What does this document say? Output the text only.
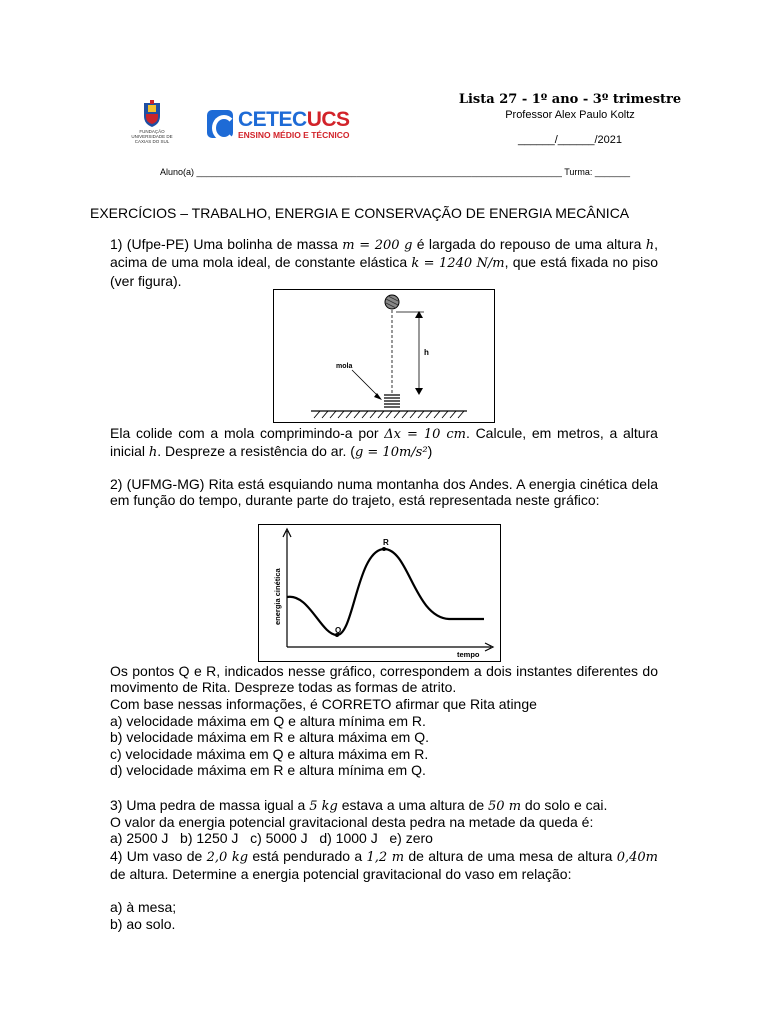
FUNDAÇÃO UNIVERSIDADE DE CAXIAS DO SUL
CETECUCS
ENSINO MÉDIO E TÉCNICO
Lista 27 - 1º ano - 3º trimestre
Professor Alex Paulo Koltz
______/______/2021
Aluno(a) _________________________________________________________________________ Turma: _______
EXERCÍCIOS – TRABALHO, ENERGIA E CONSERVAÇÃO DE ENERGIA MECÂNICA
1) (Ufpe-PE) Uma bolinha de massa m = 200 g é largada do repouso de uma altura h, acima de uma mola ideal, de constante elástica k = 1240 N/m, que está fixada no piso (ver figura).
h
mola
Ela colide com a mola comprimindo-a por Δx = 10 cm. Calcule, em metros, a altura inicial h. Despreze a resistência do ar. (g = 10m/s²)
2) (UFMG-MG) Rita está esquiando numa montanha dos Andes. A energia cinética dela em função do tempo, durante parte do trajeto, está representada neste gráfico:
Q
R
energia cinética
tempo
Os pontos Q e R, indicados nesse gráfico, correspondem a dois instantes diferentes do movimento de Rita. Despreze todas as formas de atrito.
Com base nessas informações, é CORRETO afirmar que Rita atinge
a) velocidade máxima em Q e altura mínima em R.
b) velocidade máxima em R e altura máxima em Q.
c) velocidade máxima em Q e altura máxima em R.
d) velocidade máxima em R e altura mínima em Q.
3) Uma pedra de massa igual a 5 kg estava a uma altura de 50 m do solo e cai.
O valor da energia potencial gravitacional desta pedra na metade da queda é:
a) 2500 J   b) 1250 J   c) 5000 J   d) 1000 J   e) zero
4) Um vaso de 2,0 kg está pendurado a 1,2 m de altura de uma mesa de altura 0,40m de altura. Determine a energia potencial gravitacional do vaso em relação:
a) à mesa;
b) ao solo.
